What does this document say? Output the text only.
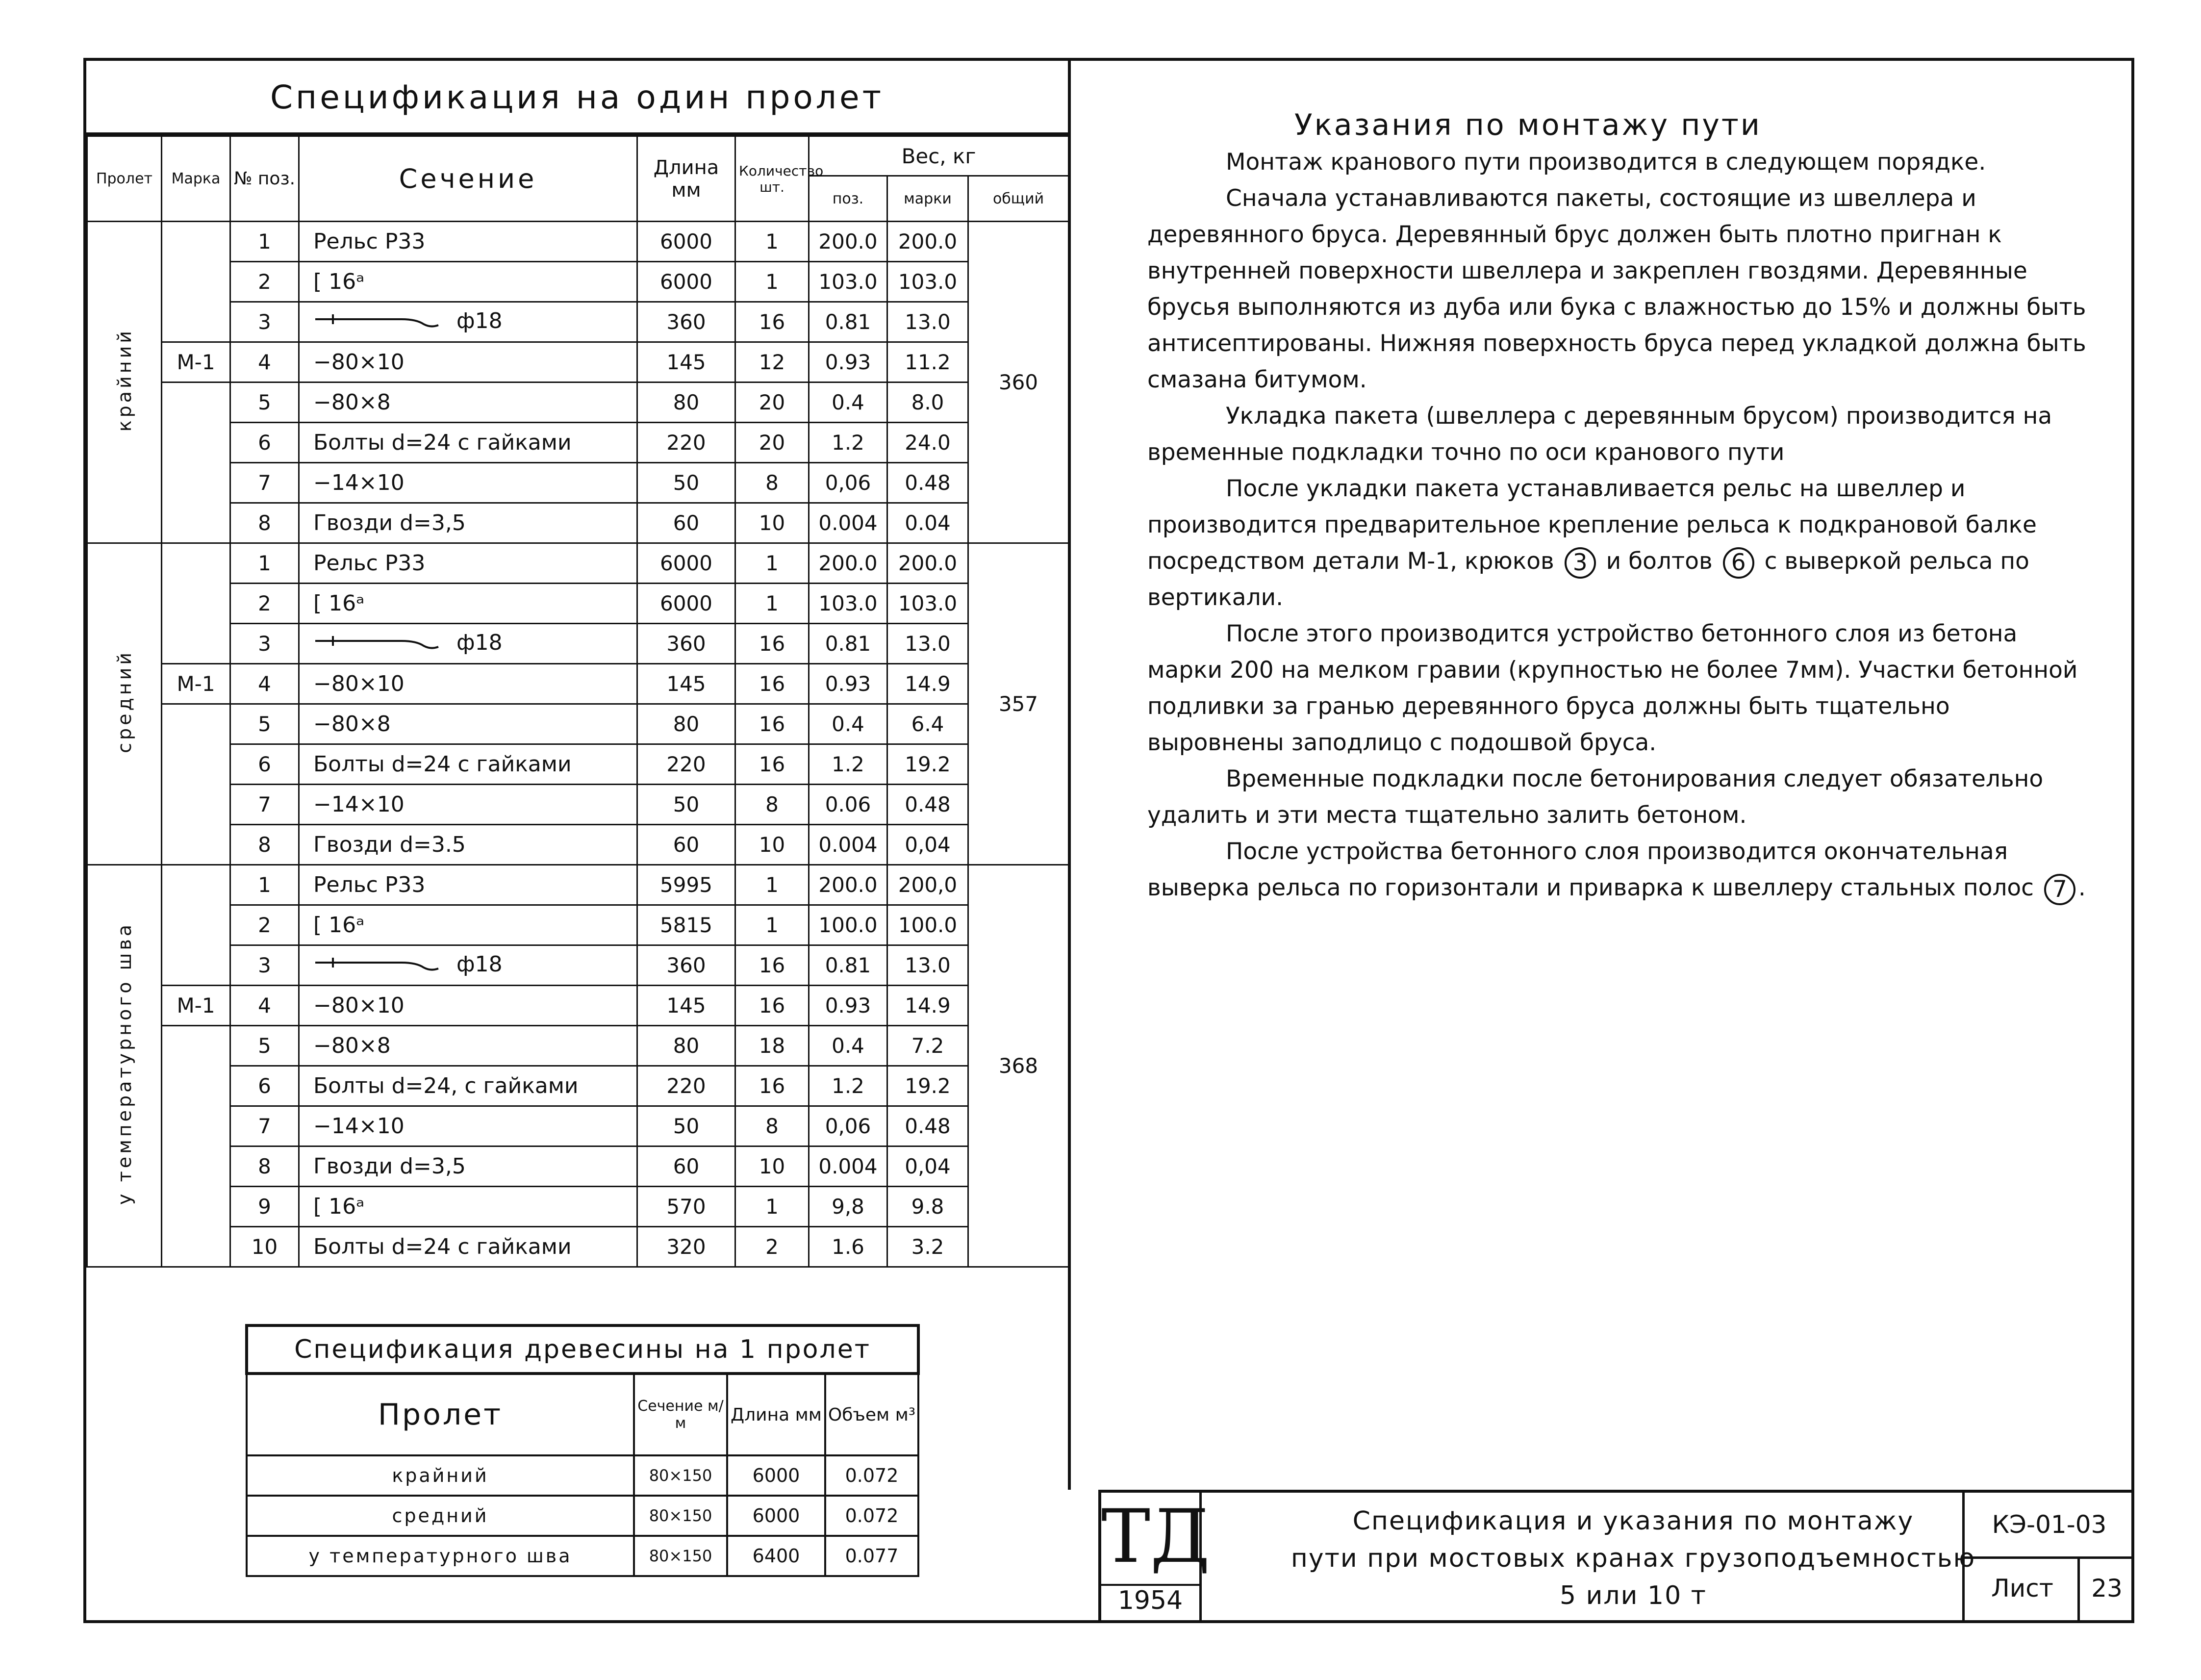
Спецификация на один пролет
Пролет	Марка	№ поз.	Сечение	Длина мм	Количество шт.	Вес, кг		
						поз.	марки	общий
крайний		1	Рельс Р33	6000	1	200.0	200.0	360
		2	[ 16ᵃ	6000	1	103.0	103.0	
		3	ф18	360	16	0.81	13.0	
	М-1	4	−80×10	145	12	0.93	11.2	
		5	−80×8	80	20	0.4	8.0	
		6	Болты d=24 с гайками	220	20	1.2	24.0	
		7	−14×10	50	8	0,06	0.48	
		8	Гвозди d=3,5	60	10	0.004	0.04	
средний		1	Рельс Р33	6000	1	200.0	200.0	357
		2	[ 16ᵃ	6000	1	103.0	103.0	
		3	ф18	360	16	0.81	13.0	
	М-1	4	−80×10	145	16	0.93	14.9	
		5	−80×8	80	16	0.4	6.4	
		6	Болты d=24 с гайками	220	16	1.2	19.2	
		7	−14×10	50	8	0.06	0.48	
		8	Гвозди d=3.5	60	10	0.004	0,04	
у температурного шва		1	Рельс Р33	5995	1	200.0	200,0	368
		2	[ 16ᵃ	5815	1	100.0	100.0	
		3	ф18	360	16	0.81	13.0	
	М-1	4	−80×10	145	16	0.93	14.9	
		5	−80×8	80	18	0.4	7.2	
		6	Болты d=24, с гайками	220	16	1.2	19.2	
		7	−14×10	50	8	0,06	0.48	
		8	Гвозди d=3,5	60	10	0.004	0,04	
		9	[ 16ᵃ	570	1	9,8	9.8	
		10	Болты d=24 с гайками	320	2	1.6	3.2	
Указания по монтажу пути

Монтаж кранового пути производится в следующем порядке.

Сначала устанавливаются пакеты, состоящие из швеллера и деревянного бруса. Деревянный брус должен быть плотно пригнан к внутренней поверхности швеллера и закреплен гвоздями. Деревянные брусья выполняются из дуба или бука с влажностью до 15% и должны быть антисептированы. Нижняя поверхность бруса перед укладкой должна быть смазана битумом.

Укладка пакета (швеллера с деревянным брусом) производится на временные подкладки точно по оси кранового пути

После укладки пакета устанавливается рельс на швеллер и производится предварительное крепление рельса к подкрановой балке посредством детали М-1, крюков 3 и болтов 6 с выверкой рельса по вертикали.

После этого производится устройство бетонного слоя из бетона марки 200 на мелком гравии (крупностью не более 7мм). Участки бетонной подливки за гранью деревянного бруса должны быть тщательно выровнены заподлицо с подошвой бруса.

Временные подкладки после бетонирования следует обязательно удалить и эти места тщательно залить бетоном.

После устройства бетонного слоя производится окончательная выверка рельса по горизонтали и приварка к швеллеру стальных полос 7 .

Спецификация древесины на 1 пролет			
Пролет	Сечение м/м	Длина мм	Объем м³
крайний	80×150	6000	0.072
средний	80×150	6000	0.072
у температурного шва	80×150	6400	0.077	ТД
1954
Спецификация и указания по монтажу
пути при мостовых кранах грузоподъемностью
5 или 10 т
КЭ-01-03
Лист	23
